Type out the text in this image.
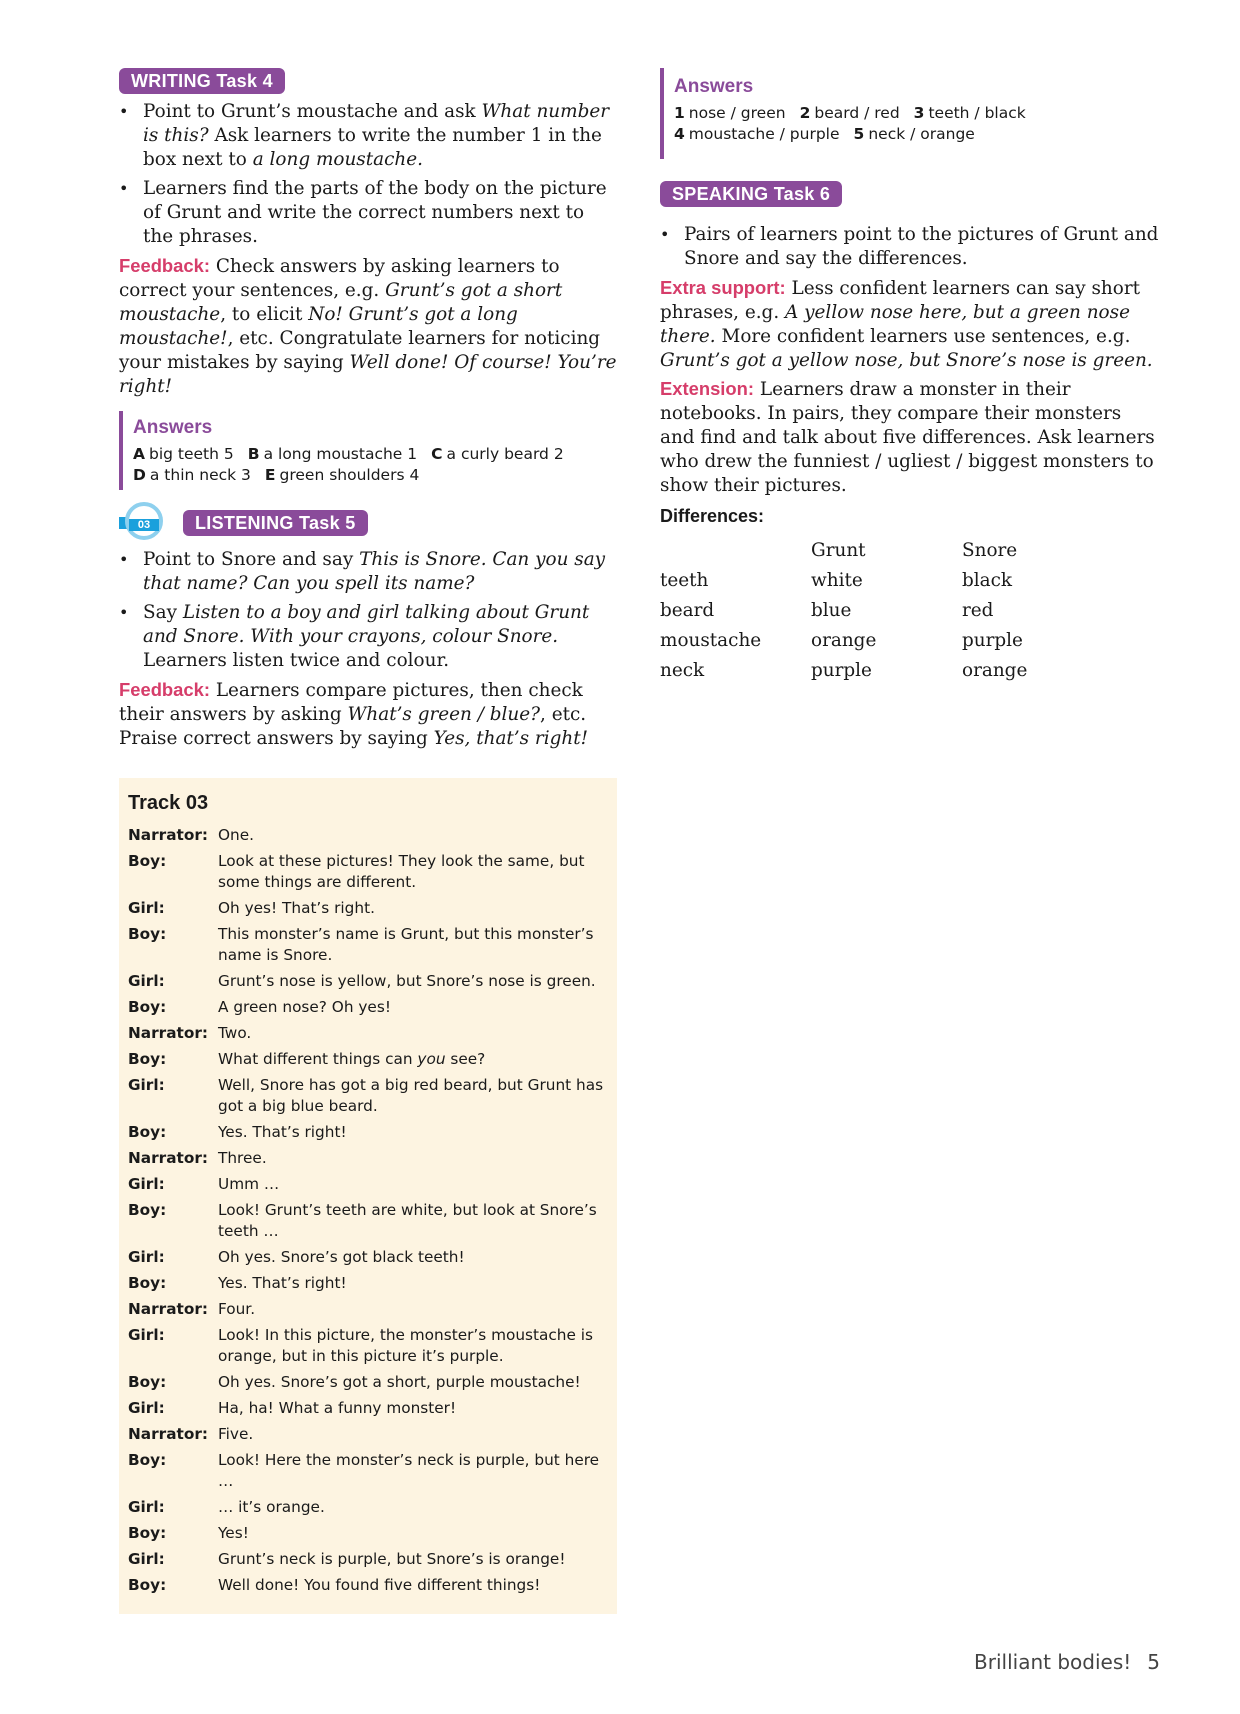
WRITING Task 4
• Point to Grunt’s moustache and ask What number is this? Ask learners to write the number 1 in the box next to a long moustache.
• Learners find the parts of the body on the picture of Grunt and write the correct numbers next to the phrases.

Feedback: Check answers by asking learners to correct your sentences, e.g. Grunt’s got a short moustache, to elicit No! Grunt’s got a long moustache!, etc. Congratulate learners for noticing your mistakes by saying Well done! Of course! You’re right!

Answers
A big teeth 5 B a long moustache 1 C a curly beard 2
D a thin neck 3 E green shoulders 4
03	LISTENING Task 5
• Point to Snore and say This is Snore. Can you say that name? Can you spell its name?
• Say Listen to a boy and girl talking about Grunt and Snore. With your crayons, colour Snore. Learners listen twice and colour.

Feedback: Learners compare pictures, then check their answers by asking What’s green / blue?, etc. Praise correct answers by saying Yes, that’s right!

Track 03
Narrator: One.
Boy:	Look at these pictures! They look the same, but some things are different.
Girl:	Oh yes! That’s right.
Boy:	This monster’s name is Grunt, but this monster’s name is Snore.
Girl:	Grunt’s nose is yellow, but Snore’s nose is green.
Boy:	A green nose? Oh yes!
Narrator: Two.
Boy:	What different things can you see?
Girl:	Well, Snore has got a big red beard, but Grunt has got a big blue beard.
Boy:	Yes. That’s right!
Narrator: Three.
Girl:	Umm …
Boy:	Look! Grunt’s teeth are white, but look at Snore’s teeth …
Girl:	Oh yes. Snore’s got black teeth!
Boy:	Yes. That’s right!
Narrator: Four.
Girl:	Look! In this picture, the monster’s moustache is orange, but in this picture it’s purple.
Boy:	Oh yes. Snore’s got a short, purple moustache!
Girl:	Ha, ha! What a funny monster!
Narrator: Five.
Boy:	Look! Here the monster’s neck is purple, but here …
Girl:	… it’s orange.
Boy:	Yes!
Girl:	Grunt’s neck is purple, but Snore’s is orange!
Boy:	Well done! You found five different things!
Answers
1 nose / green 2 beard / red 3 teeth / black
4 moustache / purple 5 neck / orange
SPEAKING Task 6
• Pairs of learners point to the pictures of Grunt and Snore and say the differences.

Extra support: Less confident learners can say short phrases, e.g. A yellow nose here, but a green nose there. More confident learners use sentences, e.g. Grunt’s got a yellow nose, but Snore’s nose is green.

Extension: Learners draw a monster in their notebooks. In pairs, they compare their monsters and find and talk about five differences. Ask learners who drew the funniest / ugliest / biggest monsters to show their pictures.

Differences:
	Grunt	Snore
teeth	white	black
beard	blue	red
moustache	orange	purple
neck	purple	orange
Brilliant bodies! 5
